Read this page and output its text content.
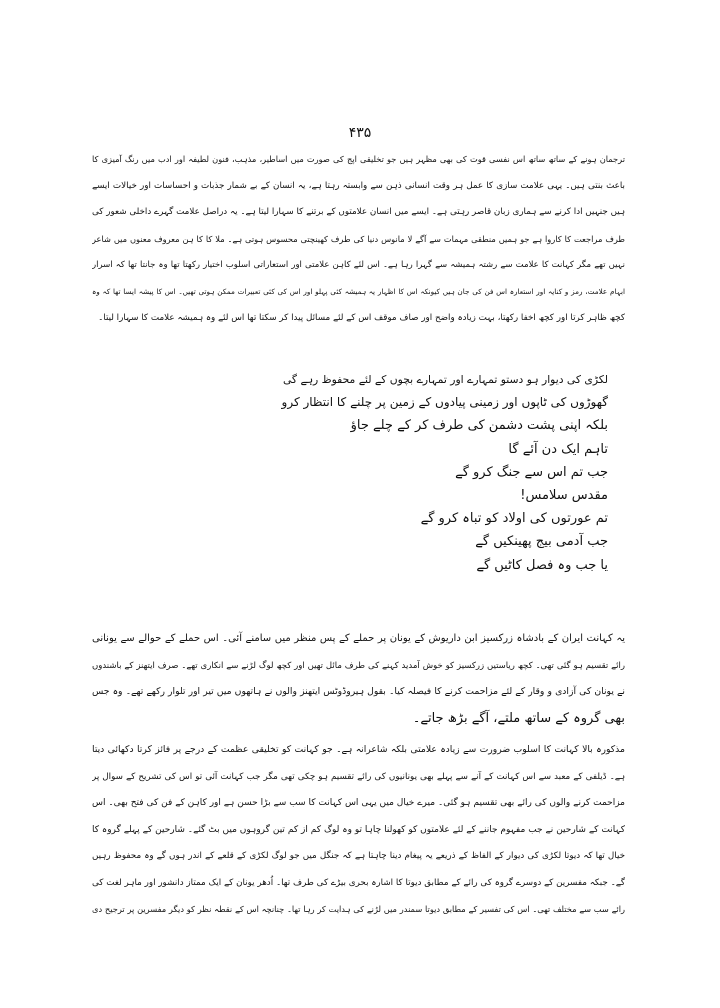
۴۳۵
ترجمان ہونے کے ساتھ ساتھ اس نفسی قوت کی بھی مظہر ہیں جو تخلیقی اپج کی صورت میں اساطیر، مذہب، فنون لطیفہ اور ادب میں رنگ آمیزی کا
باعث بنتی ہیں۔ یہی علامت سازی کا عمل ہر وقت انسانی ذہن سے وابستہ رہتا ہے، یہ انسان کے بے شمار جذبات و احساسات اور خیالات ایسے
ہیں جنہیں ادا کرنے سے ہماری زبان قاصر رہتی ہے۔ ایسے میں انسان علامتوں کے برتنے کا سہارا لیتا ہے۔ یہ دراصل علامت گہرے داخلی شعور کی
طرف مراجعت کا کاروا ہے جو ہمیں منطقی مہمات سے آگے لا مانوس دنیا کی طرف کھینچتی محسوس ہوتی ہے۔ ملا کا کا ہن معروف معنوں میں شاعر
نہیں تھے مگر کہانت کا علامت سے رشتہ ہمیشہ سے گہرا رہا ہے۔ اس لئے کاہن علامتی اور استعاراتی اسلوب اختیار رکھتا تھا وہ جانتا تھا کہ اسرار
ابہام علامت، رمز و کنایہ اور استعارہ اس فن کی جان ہیں کیونکہ اس کا اظہار یہ ہمیشہ کئی پہلو اور اس کی کئی تعبیرات ممکن ہوتی تھیں۔ اس کا پیشہ ایسا تھا کہ وہ
کچھ ظاہر کرتا اور کچھ اخفا رکھتا، بہت زیادہ واضح اور صاف موقف اس کے لئے مسائل پیدا کر سکتا تھا اس لئے وہ ہمیشہ علامت کا سہارا لیتا۔
لکڑی کی دیوار ہو دستو تمہارے اور تمہارے بچوں کے لئے محفوظ رہے گی
گھوڑوں کی ٹاپوں اور زمینی پیادوں کے زمین پر چلنے کا انتظار کرو
بلکہ اپنی پشت دشمن کی طرف کر کے چلے جاؤ
تاہم ایک دن آئے گا
جب تم اس سے جنگ کرو گے
مقدس سلامس!
تم عورتوں کی اولاد کو تباہ کرو گے
جب آدمی بیج پھینکیں گے
یا جب وہ فصل کاٹیں گے
یہ کہانت ایران کے بادشاہ زرکسیز ابن داریوش کے یونان پر حملے کے پس منظر میں سامنے آئی۔ اس حملے کے حوالے سے یونانی
رائے تقسیم ہو گئی تھی۔ کچھ ریاستیں زرکسیز کو خوش آمدید کہنے کی طرف مائل تھیں اور کچھ لوگ لڑنے سے انکاری تھے۔ صرف ایتھنز کے باشندوں
نے یونان کی آزادی و وقار کے لئے مزاحمت کرنے کا فیصلہ کیا۔ بقول ہیروڈوٹس ایتھنز والوں نے ہاتھوں میں تیر اور تلوار رکھے تھے۔ وہ جس
بھی گروہ کے ساتھ ملتے، آگے بڑھ جاتے۔
مذکورہ بالا کہانت کا اسلوب ضرورت سے زیادہ علامتی بلکہ شاعرانہ ہے۔ جو کہانت کو تخلیقی عظمت کے درجے پر فائز کرتا دکھائی دیتا
ہے۔ ڈیلفی کے معبد سے اس کہانت کے آنے سے پہلے بھی یونانیوں کی رائے تقسیم ہو چکی تھی مگر جب کہانت آئی تو اس کی تشریح کے سوال پر
مزاحمت کرنے والوں کی رائے بھی تقسیم ہو گئی۔ میرے خیال میں یہی اس کہانت کا سب سے بڑا حسن ہے اور کاہن کے فن کی فتح بھی۔ اس
کہانت کے شارحین نے جب مفہوم جاننے کے لئے علامتوں کو کھولنا چاہا تو وہ لوگ کم از کم تین گروہوں میں بٹ گئے۔ شارحین کے پہلے گروہ کا
خیال تھا کہ دیوتا لکڑی کی دیوار کے الفاظ کے ذریعے یہ پیغام دینا چاہتا ہے کہ جنگل میں جو لوگ لکڑی کے قلعے کے اندر ہوں گے وہ محفوظ رہیں
گے۔ جبکہ مفسرین کے دوسرے گروہ کی رائے کے مطابق دیوتا کا اشارہ بحری بیڑے کی طرف تھا۔ اُدھر یونان کے ایک ممتاز دانشور اور ماہر لغت کی
رائے سب سے مختلف تھی۔ اس کی تفسیر کے مطابق دیوتا سمندر میں لڑنے کی ہدایت کر رہا تھا۔ چنانچہ اس کے نقطہ نظر کو دیگر مفسرین پر ترجیح دی
